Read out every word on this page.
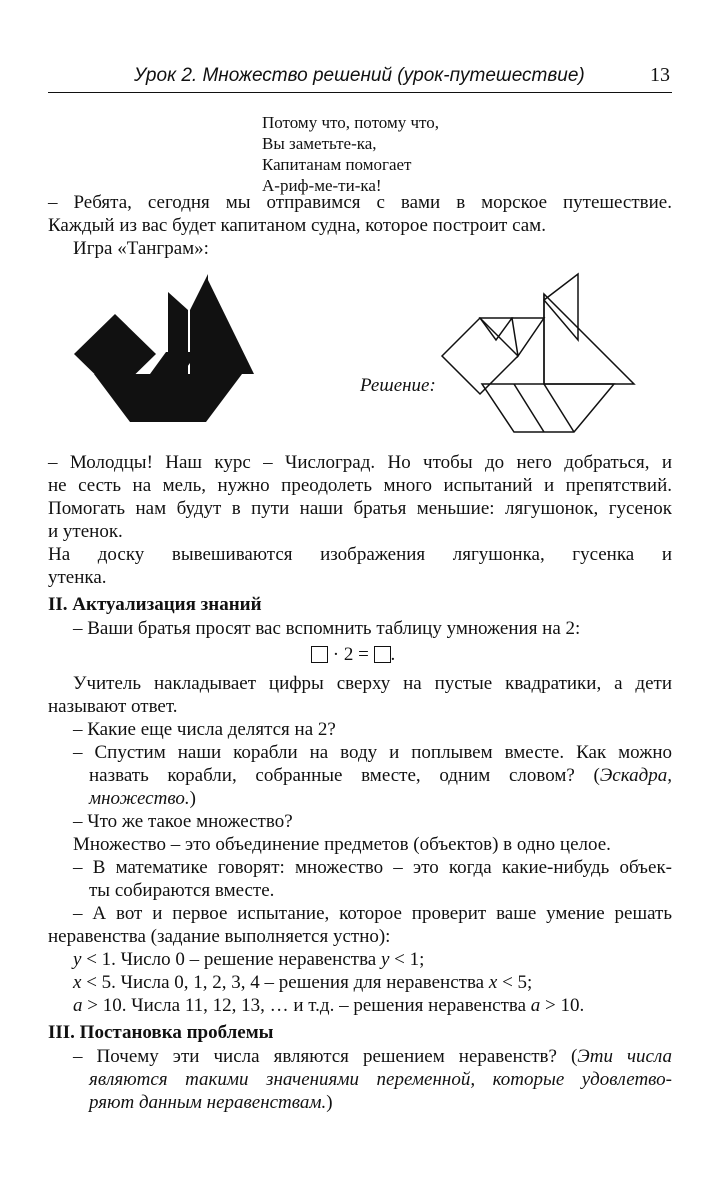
Урок 2. Множество решений (урок-путешествие)	13
Потому что, потому что,
Вы заметьте-ка,
Капитанам помогает
А-риф-ме-ти-ка!
– Ребята, сегодня мы отправимся с вами в морское путешествие.
Каждый из вас будет капитаном судна, которое построит сам.
Игра «Танграм»:
Решение:
– Молодцы! Наш курс – Числоград. Но чтобы до него добраться, и
не сесть на мель, нужно преодолеть много испытаний и препятствий.
Помогать нам будут в пути наши братья меньшие: лягушонок, гусенок
и утенок.
На доску вывешиваются изображения лягушонка, гусенка и
утенка.
II. Актуализация знаний
– Ваши братья просят вас вспомнить таблицу умножения на 2:
· 2 = .
Учитель накладывает цифры сверху на пустые квадратики, а дети
называют ответ.
– Какие еще числа делятся на 2?
– Спустим наши корабли на воду и поплывем вместе. Как можно
назвать корабли, собранные вместе, одним словом? (Эскадра,
множество.)
– Что же такое множество?
Множество – это объединение предметов (объектов) в одно целое.
– В математике говорят: множество – это когда какие-нибудь объек-
ты собираются вместе.
– А вот и первое испытание, которое проверит ваше умение решать
неравенства (задание выполняется устно):
y < 1. Число 0 – решение неравенства y < 1;
x < 5. Числа 0, 1, 2, 3, 4 – решения для неравенства x < 5;
a > 10. Числа 11, 12, 13, … и т.д. – решения неравенства a > 10.
III. Постановка проблемы
– Почему эти числа являются решением неравенств? (Эти числа
являются такими значениями переменной, которые удовлетво-
ряют данным неравенствам.)
